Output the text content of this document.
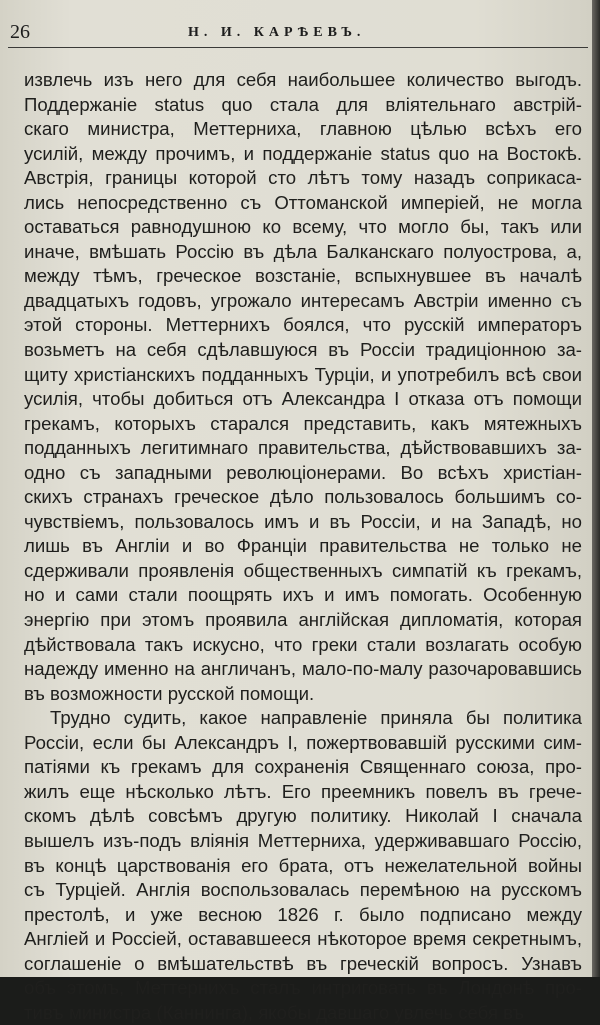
26	Н. И. КАРѢЕВЪ.
извлечь изъ него для себя наибольшее количество выгодъ.
Поддержаніе status quo стала для вліятельнаго австрій-
скаго министра, Меттерниха, главною цѣлью всѣхъ его
усилій, между прочимъ, и поддержаніе status quo на Востокѣ.
Австрія, границы которой сто лѣтъ тому назадъ соприкаса-
лись непосредственно съ Оттоманской имперіей, не могла
оставаться равнодушною ко всему, что могло бы, такъ или
иначе, вмѣшать Россію въ дѣла Балканскаго полуострова, а,
между тѣмъ, греческое возстаніе, вспыхнувшее въ началѣ
двадцатыхъ годовъ, угрожало интересамъ Австріи именно съ
этой стороны. Меттернихъ боялся, что русскій императоръ
возьметъ на себя сдѣлавшуюся въ Россіи традиціонною за-
щиту христіанскихъ подданныхъ Турціи, и употребилъ всѣ свои
усилія, чтобы добиться отъ Александра I отказа отъ помощи
грекамъ, которыхъ старался представить, какъ мятежныхъ
подданныхъ легитимнаго правительства, дѣйствовавшихъ за-
одно съ западными революціонерами. Во всѣхъ христіан-
скихъ странахъ греческое дѣло пользовалось большимъ со-
чувствіемъ, пользовалось имъ и въ Россіи, и на Западѣ, но
лишь въ Англіи и во Франціи правительства не только не
сдерживали проявленія общественныхъ симпатій къ грекамъ,
но и сами стали поощрять ихъ и имъ помогать. Особенную
энергію при этомъ проявила англійская дипломатія, которая
дѣйствовала такъ искусно, что греки стали возлагать особую
надежду именно на англичанъ, мало-по-малу разочаровавшись
въ возможности русской помощи.
Трудно судить, какое направленіе приняла бы политика
Россіи, если бы Александръ I, пожертвовавшій русскими сим-
патіями къ грекамъ для сохраненія Священнаго союза, про-
жилъ еще нѣсколько лѣтъ. Его преемникъ повелъ въ грече-
скомъ дѣлѣ совсѣмъ другую политику. Николай I сначала
вышелъ изъ-подъ вліянія Меттерниха, удерживавшаго Россію,
въ концѣ царствованія его брата, отъ нежелательной войны
съ Турціей. Англія воспользовалась перемѣною на русскомъ
престолѣ, и уже весною 1826 г. было подписано между
Англіей и Россіей, остававшееся нѣкоторое время секретнымъ,
соглашеніе о вмѣшательствѣ въ греческій вопросъ. Узнавъ
объ этомъ, Меттернихъ сталъ интриговать въ Лондонѣ про-
тивъ министра (Каннинга), якобы давшаго увлечь себя въ
